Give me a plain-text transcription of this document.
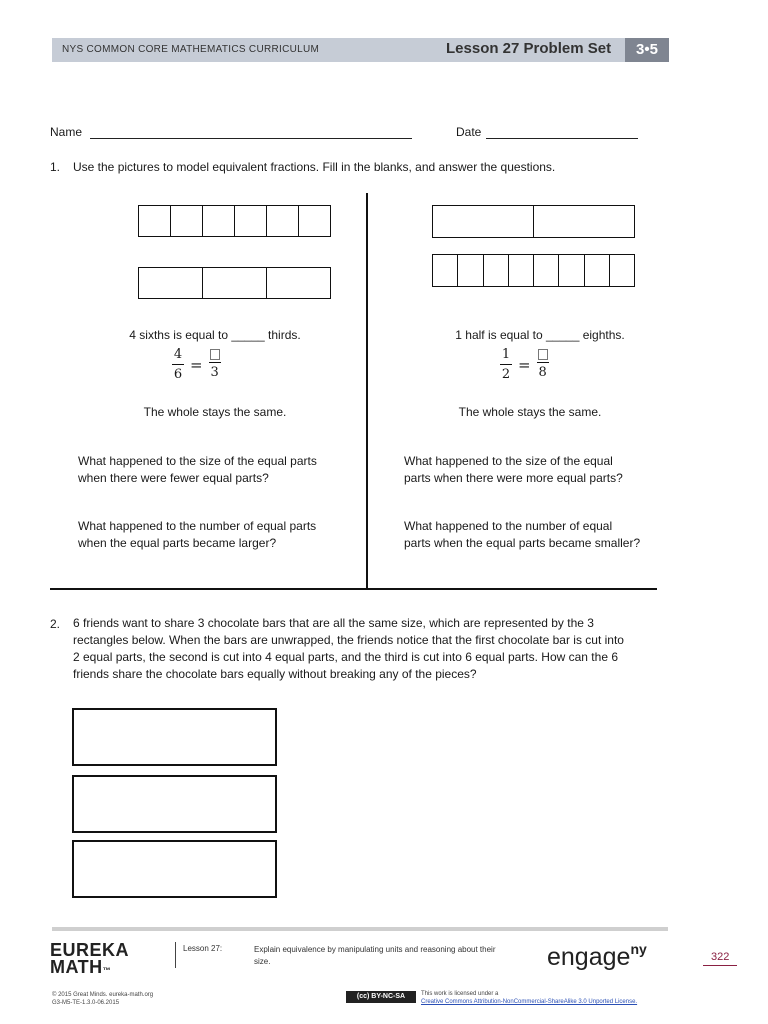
NYS COMMON CORE MATHEMATICS CURRICULUM	Lesson 27 Problem Set	3•5
Name	Date
1. Use the pictures to model equivalent fractions. Fill in the blanks, and answer the questions.
4 sixths is equal to _____ thirds.
$\frac{4}{6} = 3$
The whole stays the same.
What happened to the size of the equal parts
when there were fewer equal parts?
What happened to the number of equal parts
when the equal parts became larger?
1 half is equal to _____ eighths.
$\frac{1}{2} = 8$
The whole stays the same.
What happened to the size of the equal
parts when there were more equal parts?
What happened to the number of equal
parts when the equal parts became smaller?
2. 6 friends want to share 3 chocolate bars that are all the same size, which are represented by the 3
rectangles below. When the bars are unwrapped, the friends notice that the first chocolate bar is cut into
2 equal parts, the second is cut into 4 equal parts, and the third is cut into 6 equal parts. How can the 6
friends share the chocolate bars equally without breaking any of the pieces?
EUREKA
MATH™
Lesson 27:	Explain equivalence by manipulating units and reasoning about their
size.	engage$^{ny}$	322
© 2015 Great Minds. eureka-math.org
G3-M5-TE-1.3.0-06.2015
(cc) BY-NC-SA	This work is licensed under a
Creative Commons Attribution-NonCommercial-ShareAlike 3.0 Unported License.
